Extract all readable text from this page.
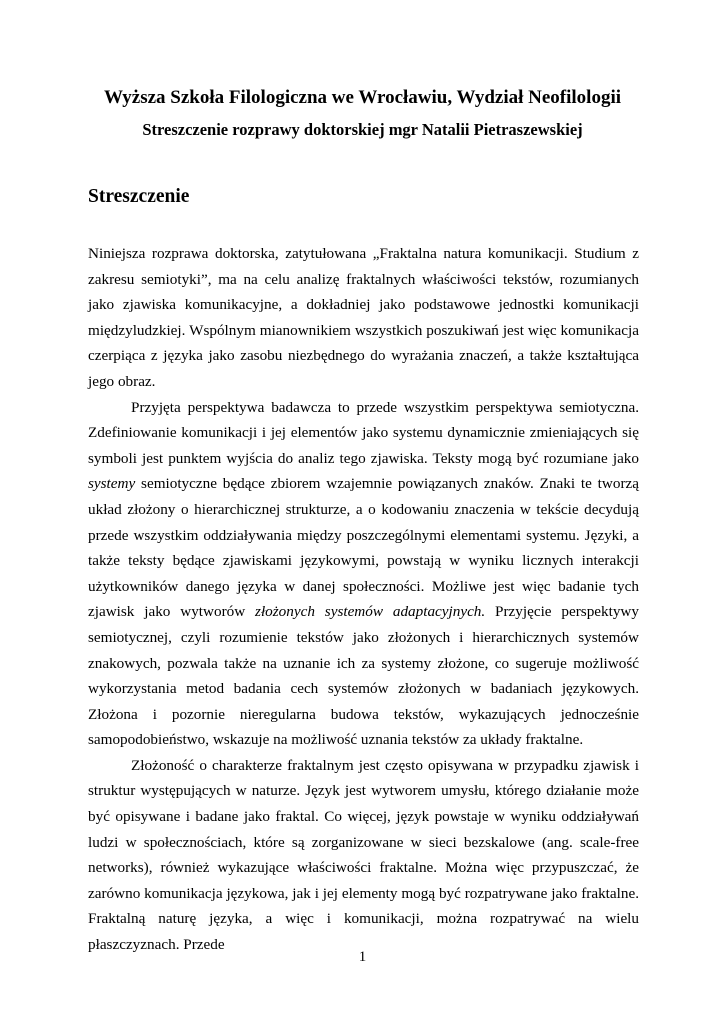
Wyższa Szkoła Filologiczna we Wrocławiu, Wydział Neofilologii
Streszczenie rozprawy doktorskiej mgr Natalii Pietraszewskiej
Streszczenie

Niniejsza rozprawa doktorska, zatytułowana „Fraktalna natura komunikacji. Studium z zakresu semiotyki”, ma na celu analizę fraktalnych właściwości tekstów, rozumianych jako zjawiska komunikacyjne, a dokładniej jako podstawowe jednostki komunikacji międzyludzkiej. Wspólnym mianownikiem wszystkich poszukiwań jest więc komunikacja czerpiąca z języka jako zasobu niezbędnego do wyrażania znaczeń, a także kształtująca jego obraz.

Przyjęta perspektywa badawcza to przede wszystkim perspektywa semiotyczna. Zdefiniowanie komunikacji i jej elementów jako systemu dynamicznie zmieniających się symboli jest punktem wyjścia do analiz tego zjawiska. Teksty mogą być rozumiane jako systemy semiotyczne będące zbiorem wzajemnie powiązanych znaków. Znaki te tworzą układ złożony o hierarchicznej strukturze, a o kodowaniu znaczenia w tekście decydują przede wszystkim oddziaływania między poszczególnymi elementami systemu. Języki, a także teksty będące zjawiskami językowymi, powstają w wyniku licznych interakcji użytkowników danego języka w danej społeczności. Możliwe jest więc badanie tych zjawisk jako wytworów złożonych systemów adaptacyjnych. Przyjęcie perspektywy semiotycznej, czyli rozumienie tekstów jako złożonych i hierarchicznych systemów znakowych, pozwala także na uznanie ich za systemy złożone, co sugeruje możliwość wykorzystania metod badania cech systemów złożonych w badaniach językowych. Złożona i pozornie nieregularna budowa tekstów, wykazujących jednocześnie samopodobieństwo, wskazuje na możliwość uznania tekstów za układy fraktalne.

Złożoność o charakterze fraktalnym jest często opisywana w przypadku zjawisk i struktur występujących w naturze. Język jest wytworem umysłu, którego działanie może być opisywane i badane jako fraktal. Co więcej, język powstaje w wyniku oddziaływań ludzi w społecznościach, które są zorganizowane w sieci bezskalowe (ang. scale-free networks), również wykazujące właściwości fraktalne. Można więc przypuszczać, że zarówno komunikacja językowa, jak i jej elementy mogą być rozpatrywane jako fraktalne. Fraktalną naturę języka, a więc i komunikacji, można rozpatrywać na wielu płaszczyznach. Przede

1
